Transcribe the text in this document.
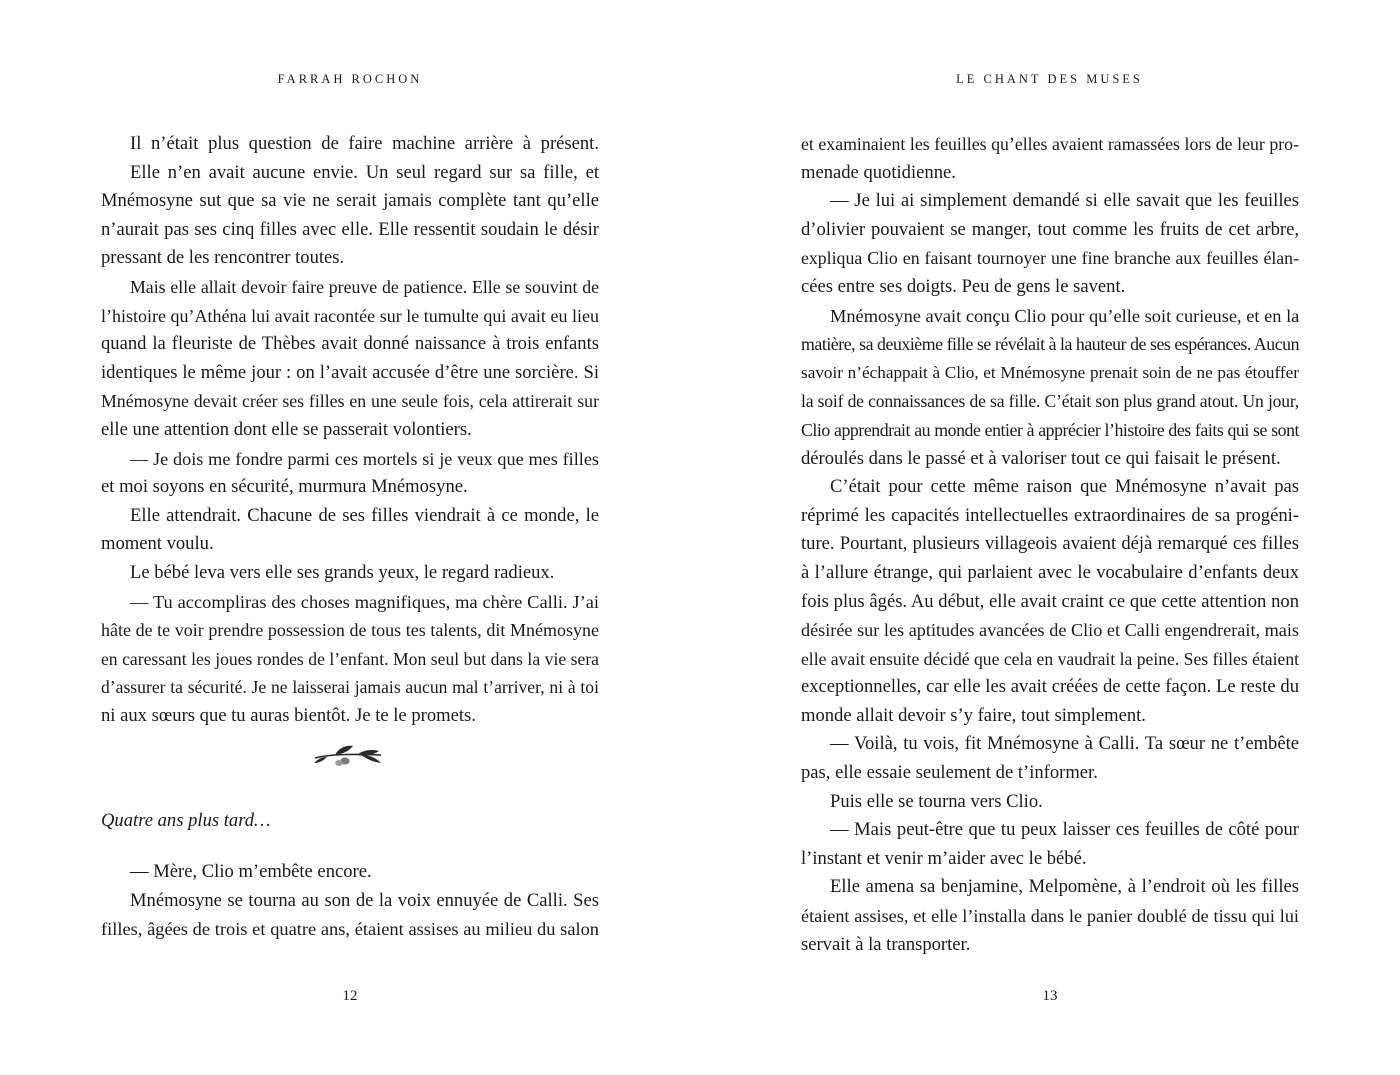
FARRAH ROCHON
Il n’était plus question de faire machine arrière à présent.
Elle n’en avait aucune envie. Un seul regard sur sa fille, et
Mnémosyne sut que sa vie ne serait jamais complète tant qu’elle
n’aurait pas ses cinq filles avec elle. Elle ressentit soudain le désir
pressant de les rencontrer toutes.
Mais elle allait devoir faire preuve de patience. Elle se souvint de
l’histoire qu’Athéna lui avait racontée sur le tumulte qui avait eu lieu
quand la fleuriste de Thèbes avait donné naissance à trois enfants
identiques le même jour : on l’avait accusée d’être une sorcière. Si
Mnémosyne devait créer ses filles en une seule fois, cela attirerait sur
elle une attention dont elle se passerait volontiers.
— Je dois me fondre parmi ces mortels si je veux que mes filles
et moi soyons en sécurité, murmura Mnémosyne.
Elle attendrait. Chacune de ses filles viendrait à ce monde, le
moment voulu.
Le bébé leva vers elle ses grands yeux, le regard radieux.
— Tu accompliras des choses magnifiques, ma chère Calli. J’ai
hâte de te voir prendre possession de tous tes talents, dit Mnémosyne
en caressant les joues rondes de l’enfant. Mon seul but dans la vie sera
d’assurer ta sécurité. Je ne laisserai jamais aucun mal t’arriver, ni à toi
ni aux sœurs que tu auras bientôt. Je te le promets.
Quatre ans plus tard…
— Mère, Clio m’embête encore.
Mnémosyne se tourna au son de la voix ennuyée de Calli. Ses
filles, âgées de trois et quatre ans, étaient assises au milieu du salon
12
LE CHANT DES MUSES
et examinaient les feuilles qu’elles avaient ramassées lors de leur pro-
menade quotidienne.
— Je lui ai simplement demandé si elle savait que les feuilles
d’olivier pouvaient se manger, tout comme les fruits de cet arbre,
expliqua Clio en faisant tournoyer une fine branche aux feuilles élan-
cées entre ses doigts. Peu de gens le savent.
Mnémosyne avait conçu Clio pour qu’elle soit curieuse, et en la
matière, sa deuxième fille se révélait à la hauteur de ses espérances. Aucun
savoir n’échappait à Clio, et Mnémosyne prenait soin de ne pas étouffer
la soif de connaissances de sa fille. C’était son plus grand atout. Un jour,
Clio apprendrait au monde entier à apprécier l’histoire des faits qui se sont
déroulés dans le passé et à valoriser tout ce qui faisait le présent.
C’était pour cette même raison que Mnémosyne n’avait pas
réprimé les capacités intellectuelles extraordinaires de sa progéni-
ture. Pourtant, plusieurs villageois avaient déjà remarqué ces filles
à l’allure étrange, qui parlaient avec le vocabulaire d’enfants deux
fois plus âgés. Au début, elle avait craint ce que cette attention non
désirée sur les aptitudes avancées de Clio et Calli engendrerait, mais
elle avait ensuite décidé que cela en vaudrait la peine. Ses filles étaient
exceptionnelles, car elle les avait créées de cette façon. Le reste du
monde allait devoir s’y faire, tout simplement.
— Voilà, tu vois, fit Mnémosyne à Calli. Ta sœur ne t’embête
pas, elle essaie seulement de t’informer.
Puis elle se tourna vers Clio.
— Mais peut-être que tu peux laisser ces feuilles de côté pour
l’instant et venir m’aider avec le bébé.
Elle amena sa benjamine, Melpomène, à l’endroit où les filles
étaient assises, et elle l’installa dans le panier doublé de tissu qui lui
servait à la transporter.
13
